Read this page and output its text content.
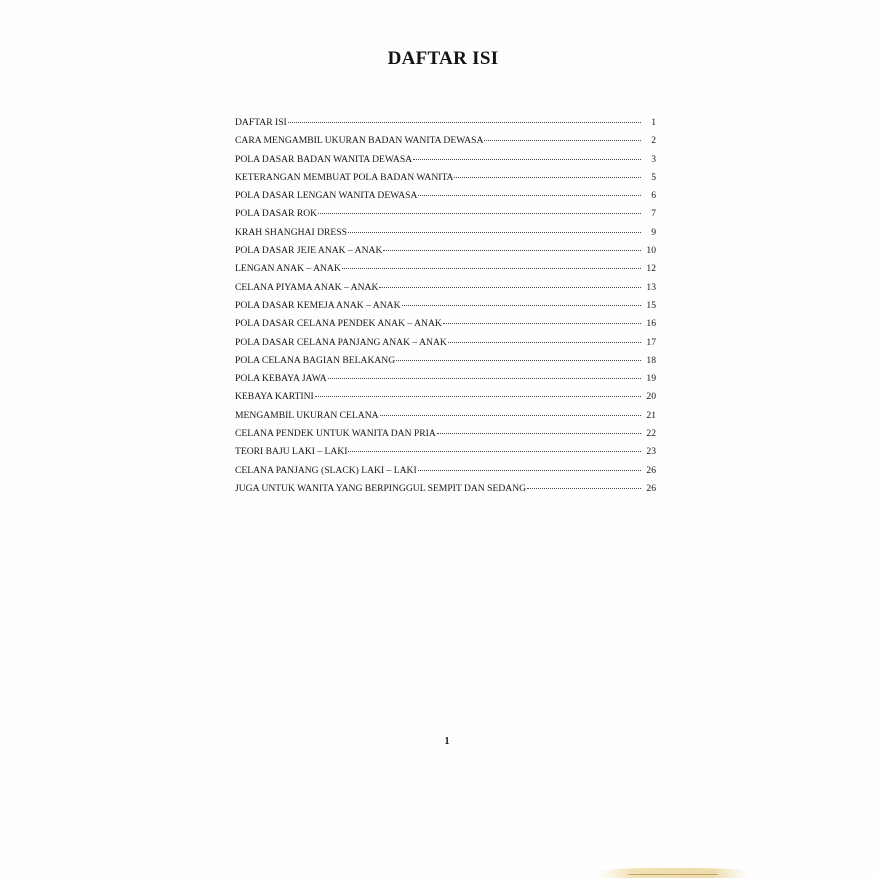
DAFTAR ISI
DAFTAR ISI	1
CARA MENGAMBIL UKURAN BADAN WANITA DEWASA	2
POLA DASAR BADAN WANITA DEWASA	3
KETERANGAN MEMBUAT POLA BADAN WANITA	5
POLA DASAR LENGAN WANITA DEWASA	6
POLA DASAR ROK	7
KRAH SHANGHAI DRESS	9
POLA DASAR JEJE ANAK – ANAK	10
LENGAN ANAK – ANAK	12
CELANA PIYAMA ANAK – ANAK	13
POLA DASAR KEMEJA ANAK – ANAK	15
POLA DASAR CELANA PENDEK ANAK – ANAK	16
POLA DASAR CELANA PANJANG ANAK – ANAK	17
POLA CELANA BAGIAN BELAKANG	18
POLA KEBAYA JAWA	19
KEBAYA KARTINI	20
MENGAMBIL UKURAN CELANA	21
CELANA PENDEK UNTUK WANITA DAN PRIA	22
TEORI BAJU LAKI – LAKI	23
CELANA PANJANG (SLACK) LAKI – LAKI	26
JUGA UNTUK WANITA YANG BERPINGGUL SEMPIT DAN SEDANG	26
1
